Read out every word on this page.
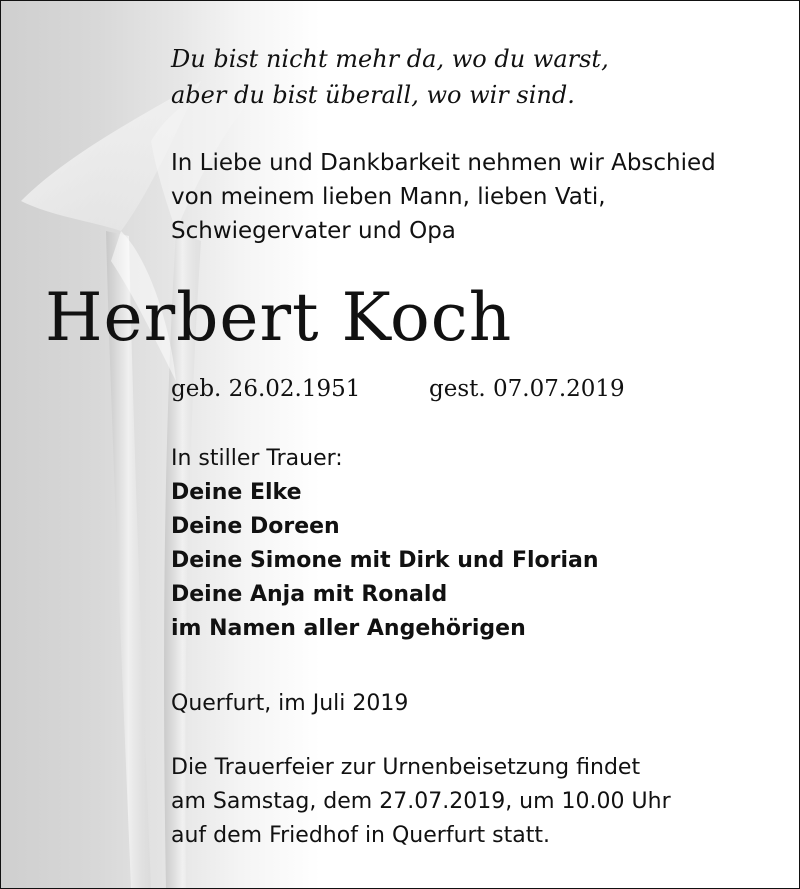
Du bist nicht mehr da, wo du warst,
aber du bist überall, wo wir sind.
In Liebe und Dankbarkeit nehmen wir Abschied
von meinem lieben Mann, lieben Vati,
Schwiegervater und Opa
Herbert Koch

geb. 26.02.1951	gest. 07.07.2019

In stiller Trauer:
Deine Elke
Deine Doreen
Deine Simone mit Dirk und Florian
Deine Anja mit Ronald
im Namen aller Angehörigen

Querfurt, im Juli 2019

Die Trauerfeier zur Urnenbeisetzung findet
am Samstag, dem 27.07.2019, um 10.00 Uhr
auf dem Friedhof in Querfurt statt.
